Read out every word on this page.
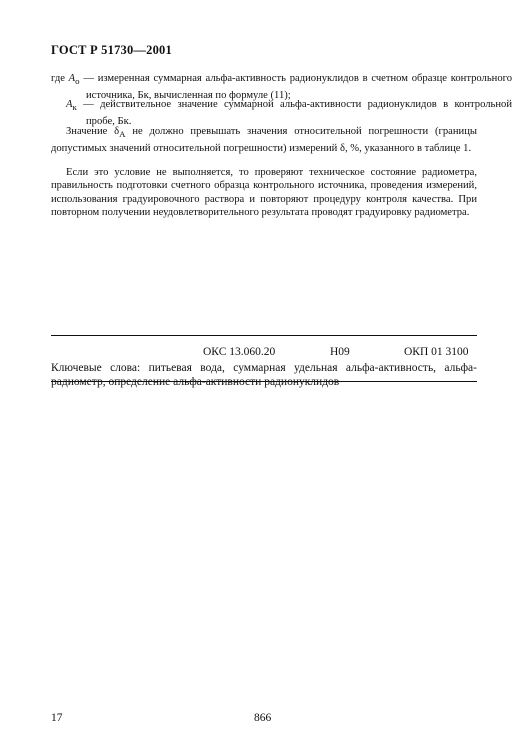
ГОСТ Р 51730—2001
где $A_о$ — измеренная суммарная альфа-активность радионуклидов в счетном образце контрольного источника, Бк, вычисленная по формуле (11);
$A_к$ — действительное значение суммарной альфа-активности радионуклидов в контрольной пробе, Бк.
Значение $\delta_A$ не должно превышать значения относительной погрешности (границы допустимых значений относительной погрешности) измерений δ, %, указанного в таблице 1.
Если это условие не выполняется, то проверяют техническое состояние радиометра, правильность подготовки счетного образца контрольного источника, проведения измерений, использования градуировочного раствора и повторяют процедуру контроля качества. При повторном получении неудовлетворительного результата проводят градуировку радиометра.
ОКС 13.060.20	Н09	ОКП 01 3100
Ключевые слова: питьевая вода, суммарная удельная альфа-активность, альфа-радиометр, определение альфа-активности радионуклидов
17	866
